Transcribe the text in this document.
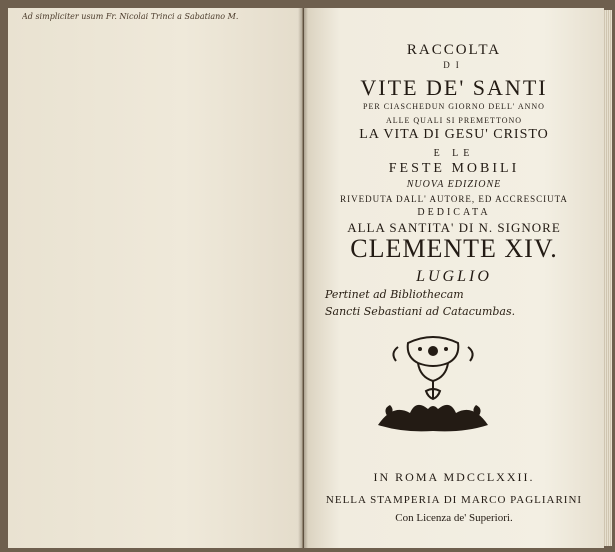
Ad simpliciter usum Fr. Nicolai Trinci a Sabatiano M.
RACCOLTA
DI
VITE DE' SANTI
PER CIASCHEDUN GIORNO DELL' ANNO
ALLE QUALI SI PREMETTONO
LA VITA DI GESU' CRISTO
E LE
FESTE MOBILI
NUOVA EDIZIONE
RIVEDUTA DALL' AUTORE, ED ACCRESCIUTA
DEDICATA
ALLA SANTITA' DI N. SIGNORE
CLEMENTE XIV.
LUGLIO
Pertinet ad Bibliothecam
Sancti Sebastiani ad Catacumbas.
IN ROMA MDCCLXXII.
NELLA STAMPERIA DI MARCO PAGLIARINI
Con Licenza de' Superiori.
